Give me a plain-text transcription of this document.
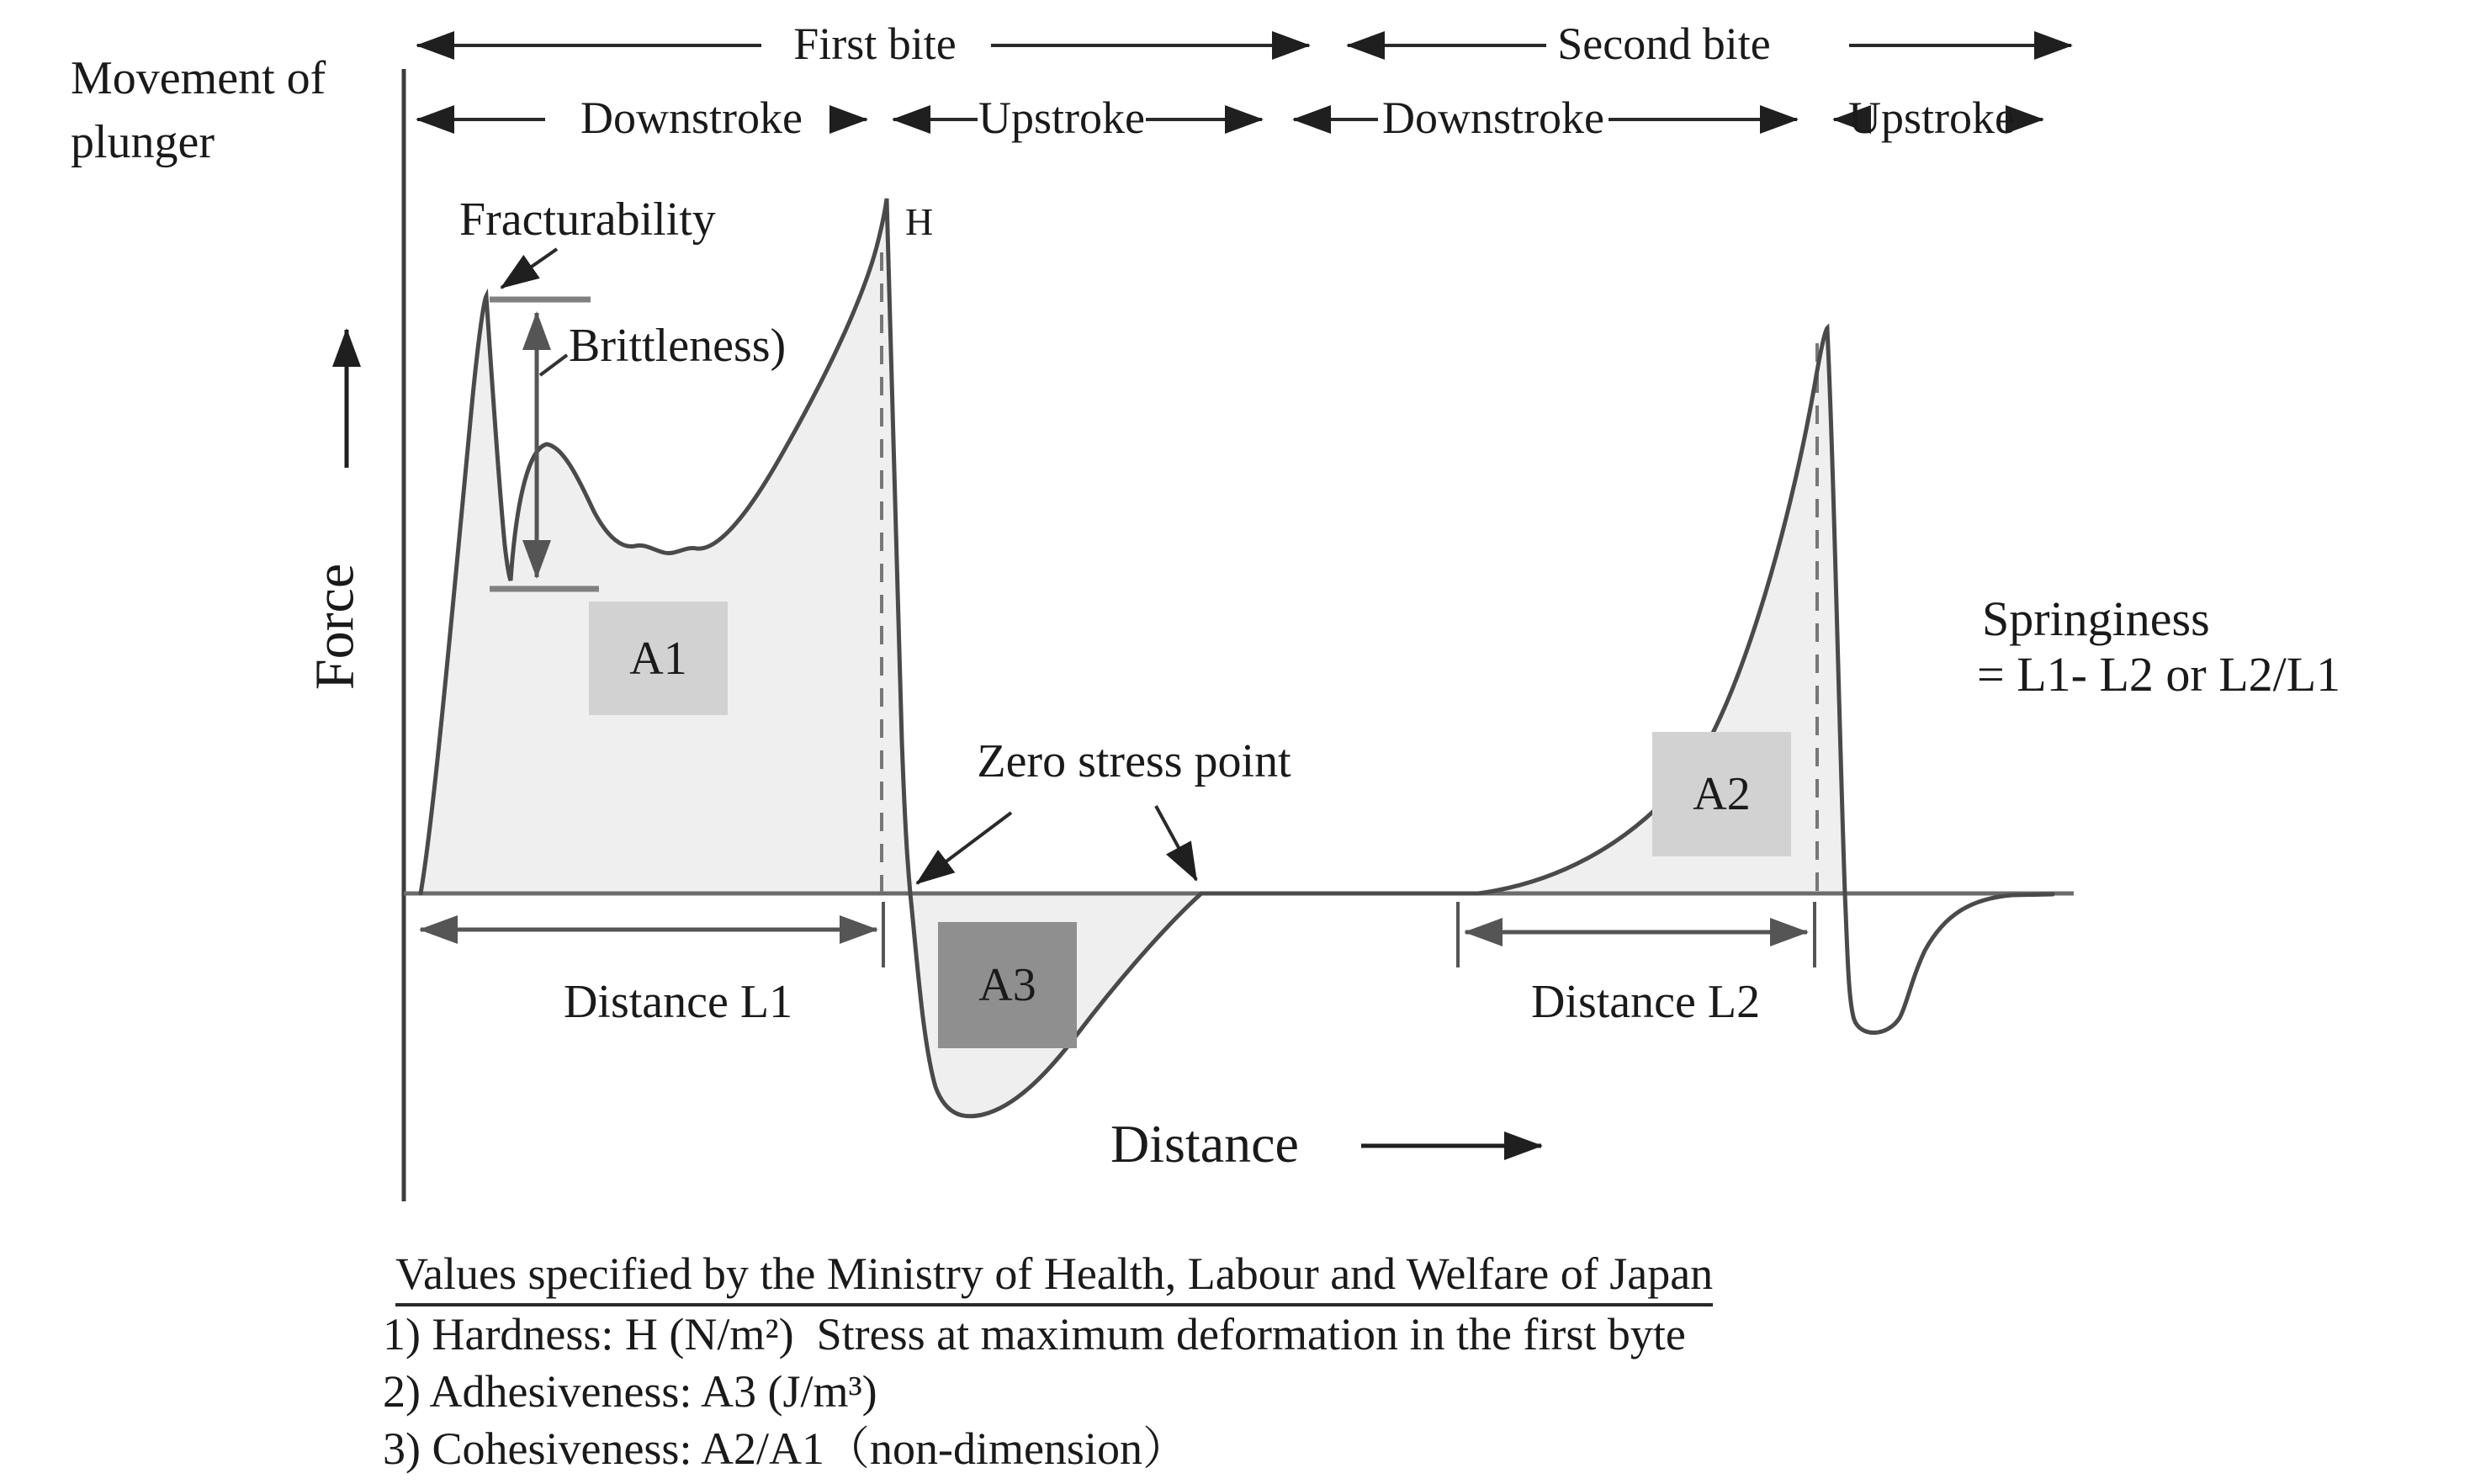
A1
A2
A3
First bite	Second bite
Downstroke	Upstroke	Downstroke	Upstroke
Movement of
plunger
Force
Distance
Fracturability
Brittleness)
H
Zero stress point
Springiness
= L1- L2 or L2/L1
Distance L1	Distance L2
Values specified by the Ministry of Health, Labour and Welfare of Japan
1) Hardness: H (N/m²)  Stress at maximum deformation in the first byte
2) Adhesiveness: A3 (J/m³)
3) Cohesiveness: A2/A1（non-dimension）
